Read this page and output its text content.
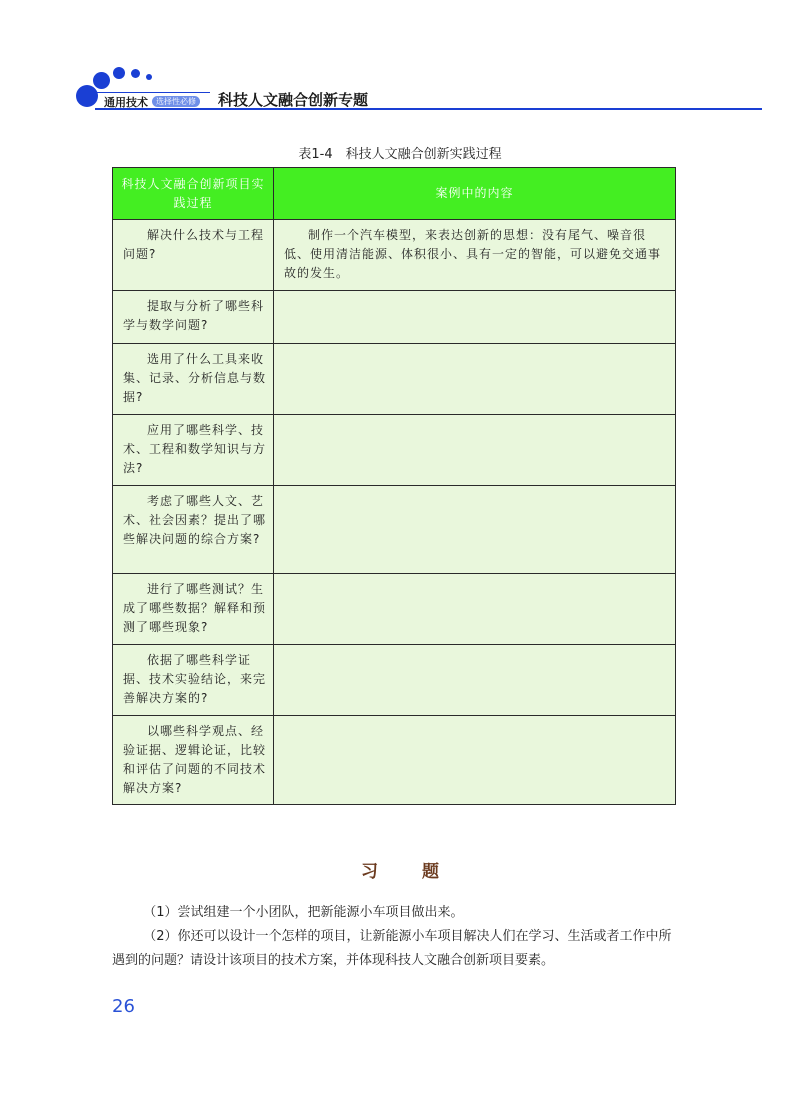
通用技术	选择性必修 科技人文融合创新专题
表1-4　科技人文融合创新实践过程
科技人文融合创新项目实践过程	案例中的内容
解决什么技术与工程问题?	制作一个汽车模型，来表达创新的思想：没有尾气、噪音很低、使用清洁能源、体积很小、具有一定的智能，可以避免交通事故的发生。
提取与分析了哪些科学与数学问题?	
选用了什么工具来收集、记录、分析信息与数据?	
应用了哪些科学、技术、工程和数学知识与方法?	
考虑了哪些人文、艺术、社会因素？提出了哪些解决问题的综合方案?	
进行了哪些测试？生成了哪些数据？解释和预测了哪些现象?	
依据了哪些科学证据、技术实验结论，来完善解决方案的?	
以哪些科学观点、经验证据、逻辑论证，比较和评估了问题的不同技术解决方案?	
习题
（1）尝试组建一个小团队，把新能源小车项目做出来。
（2）你还可以设计一个怎样的项目，让新能源小车项目解决人们在学习、生活或者工作中所遇到的问题？请设计该项目的技术方案，并体现科技人文融合创新项目要素。
26
